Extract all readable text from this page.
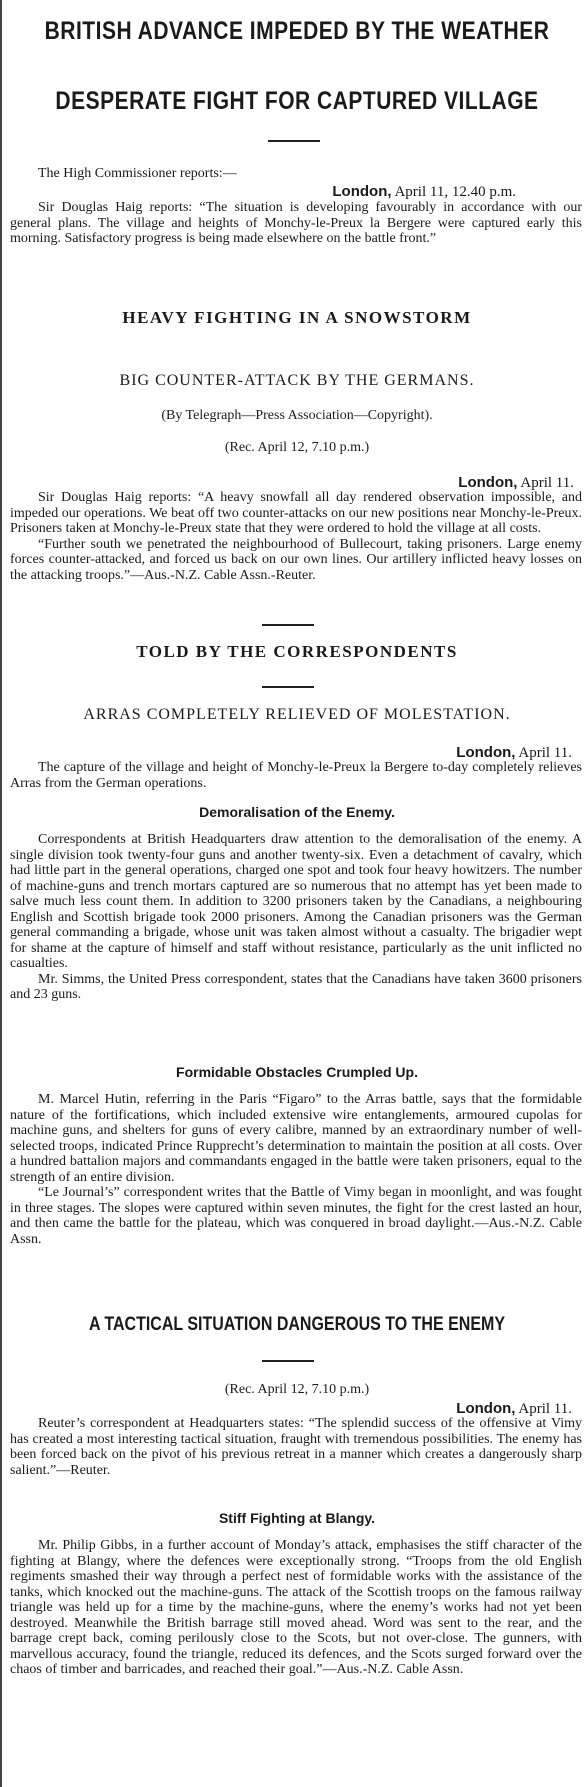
BRITISH ADVANCE IMPEDED BY THE WEATHER
DESPERATE FIGHT FOR CAPTURED VILLAGE

The High Commissioner reports:—

London, April 11, 12.40 p.m.

Sir Douglas Haig reports: “The situation is developing favourably in accordance with our general plans. The village and heights of Monchy-le-Preux la Bergere were captured early this morning. Satisfactory progress is being made elsewhere on the battle front.”

HEAVY FIGHTING IN A SNOWSTORM
BIG COUNTER-ATTACK BY THE GERMANS.
(By Telegraph—Press Association—Copyright).
(Rec. April 12, 7.10 p.m.)
London, April 11.

Sir Douglas Haig reports: “A heavy snowfall all day rendered observation impossible, and impeded our operations. We beat off two counter-attacks on our new positions near Monchy-le-Preux. Prisoners taken at Monchy-le-Preux state that they were ordered to hold the village at all costs.

“Further south we penetrated the neighbourhood of Bullecourt, taking prisoners. Large enemy forces counter-attacked, and forced us back on our own lines. Our artillery inflicted heavy losses on the attacking troops.”—Aus.-N.Z. Cable Assn.-Reuter.

TOLD BY THE CORRESPONDENTS
ARRAS COMPLETELY RELIEVED OF MOLESTATION.
London, April 11.

The capture of the village and height of Monchy-le-Preux la Bergere to-day completely relieves Arras from the German operations.

Demoralisation of the Enemy.

Correspondents at British Headquarters draw attention to the demoralisation of the enemy. A single division took twenty-four guns and another twenty-six. Even a detachment of cavalry, which had little part in the general operations, charged one spot and took four heavy howitzers. The number of machine-guns and trench mortars captured are so numerous that no attempt has yet been made to salve much less count them. In addition to 3200 prisoners taken by the Canadians, a neighbouring English and Scottish brigade took 2000 prisoners. Among the Canadian prisoners was the German general commanding a brigade, whose unit was taken almost without a casualty. The brigadier wept for shame at the capture of himself and staff without resistance, particularly as the unit inflicted no casualties.

Mr. Simms, the United Press correspondent, states that the Canadians have taken 3600 prisoners and 23 guns.

Formidable Obstacles Crumpled Up.

M. Marcel Hutin, referring in the Paris “Figaro” to the Arras battle, says that the formidable nature of the fortifications, which included extensive wire entanglements, armoured cupolas for machine guns, and shelters for guns of every calibre, manned by an extraordinary number of well-selected troops, indicated Prince Rupprecht’s determination to maintain the position at all costs. Over a hundred battalion majors and commandants engaged in the battle were taken prisoners, equal to the strength of an entire division.

“Le Journal’s” correspondent writes that the Battle of Vimy began in moonlight, and was fought in three stages. The slopes were captured within seven minutes, the fight for the crest lasted an hour, and then came the battle for the plateau, which was conquered in broad daylight.—Aus.-N.Z. Cable Assn.

A TACTICAL SITUATION DANGEROUS TO THE ENEMY
(Rec. April 12, 7.10 p.m.)
London, April 11.

Reuter’s correspondent at Headquarters states: “The splendid success of the offensive at Vimy has created a most interesting tactical situation, fraught with tremendous possibilities. The enemy has been forced back on the pivot of his previous retreat in a manner which creates a dangerously sharp salient.”—Reuter.

Stiff Fighting at Blangy.

Mr. Philip Gibbs, in a further account of Monday’s attack, emphasises the stiff character of the fighting at Blangy, where the defences were exceptionally strong. “Troops from the old English regiments smashed their way through a perfect nest of formidable works with the assistance of the tanks, which knocked out the machine-guns. The attack of the Scottish troops on the famous railway triangle was held up for a time by the machine-guns, where the enemy’s works had not yet been destroyed. Meanwhile the British barrage still moved ahead. Word was sent to the rear, and the barrage crept back, coming perilously close to the Scots, but not over-close. The gunners, with marvellous accuracy, found the triangle, reduced its defences, and the Scots surged forward over the chaos of timber and barricades, and reached their goal.”—Aus.-N.Z. Cable Assn.
